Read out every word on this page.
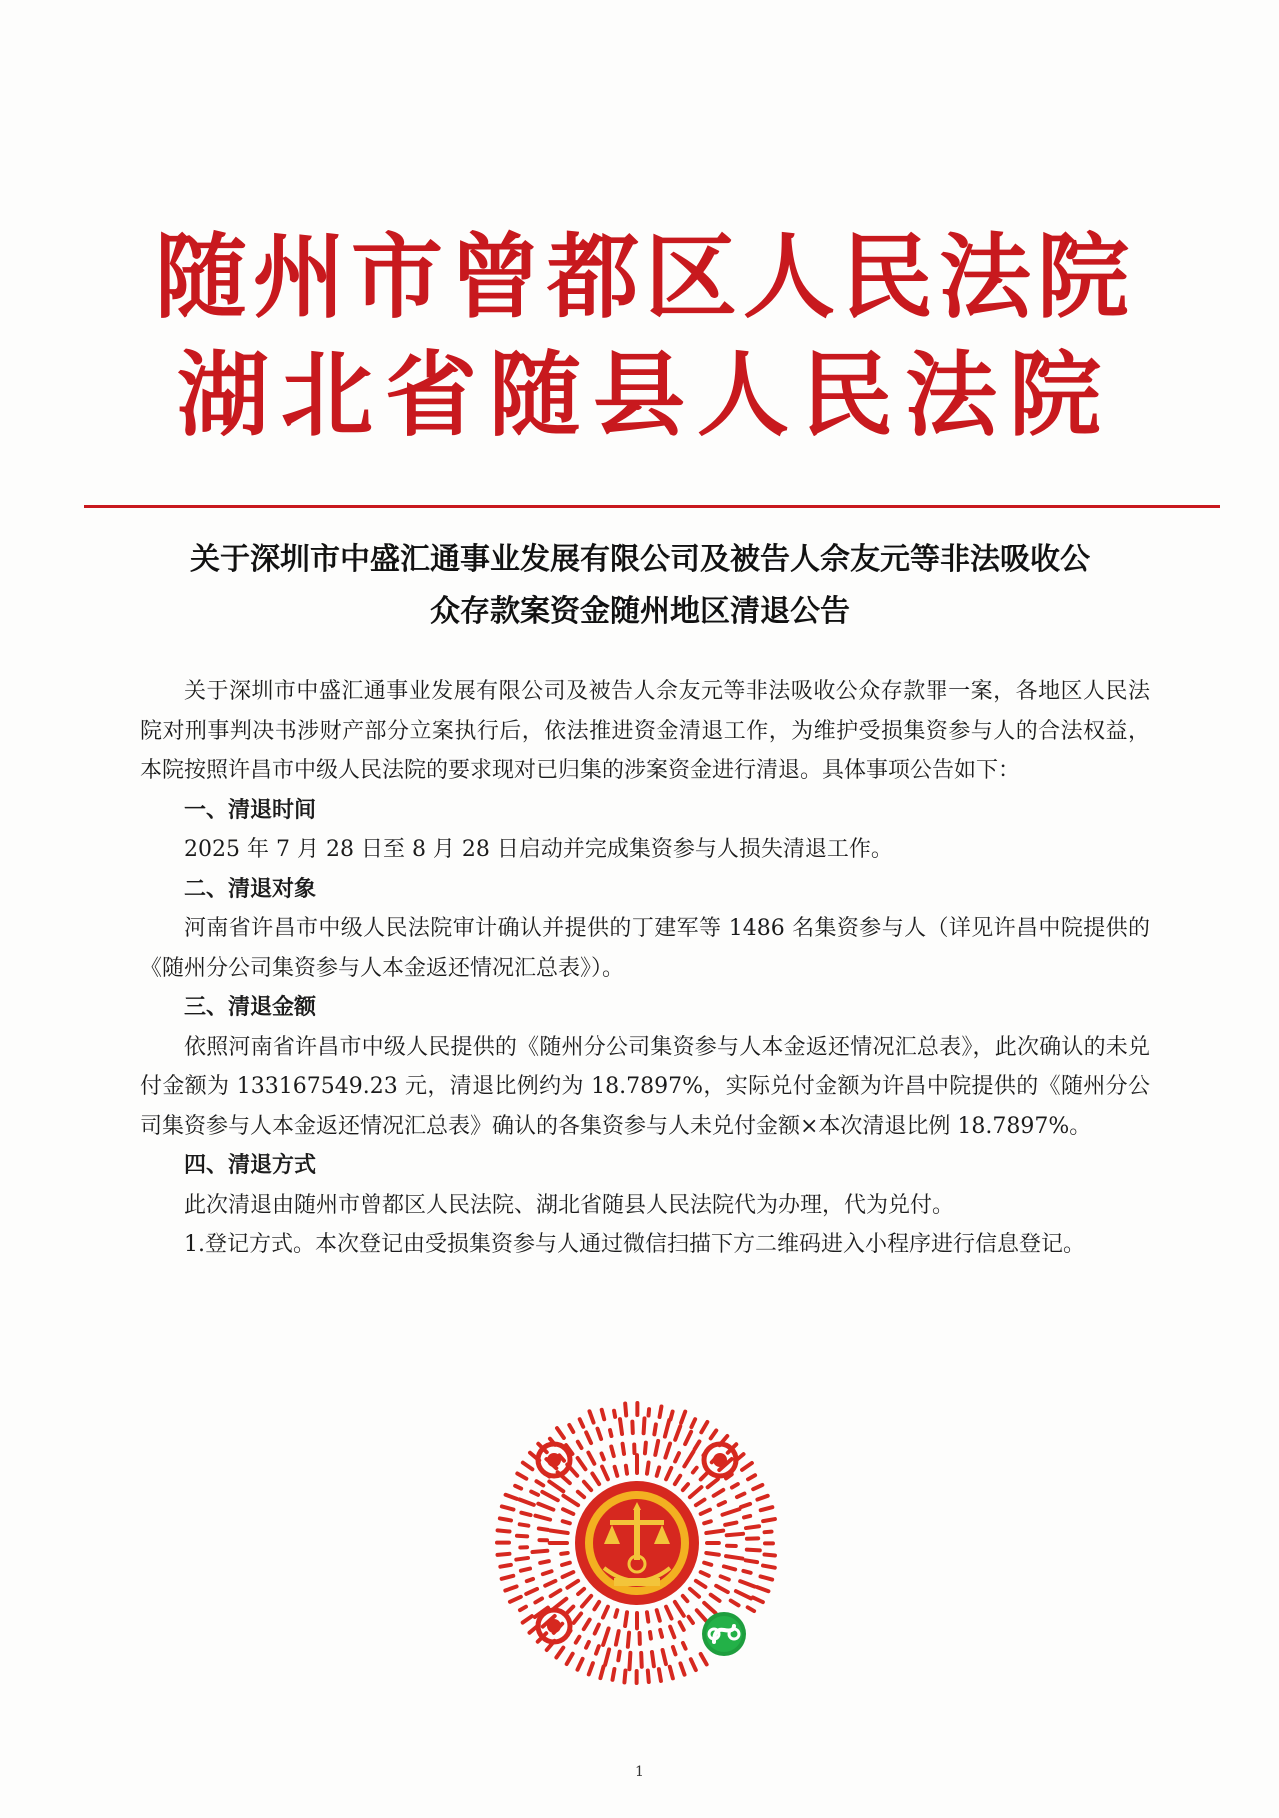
随州市曾都区人民法院
湖北省随县人民法院
关于深圳市中盛汇通事业发展有限公司及被告人佘友元等非法吸收公
众存款案资金随州地区清退公告

关于深圳市中盛汇通事业发展有限公司及被告人佘友元等非法吸收公众存款罪一案，各地区人民法院对刑事判决书涉财产部分立案执行后，依法推进资金清退工作，为维护受损集资参与人的合法权益，本院按照许昌市中级人民法院的要求现对已归集的涉案资金进行清退。具体事项公告如下：

一、清退时间

2025 年 7 月 28 日至 8 月 28 日启动并完成集资参与人损失清退工作。

二、清退对象

河南省许昌市中级人民法院审计确认并提供的丁建军等 1486 名集资参与人（详见许昌中院提供的《随州分公司集资参与人本金返还情况汇总表》）。

三、清退金额

依照河南省许昌市中级人民提供的《随州分公司集资参与人本金返还情况汇总表》，此次确认的未兑付金额为 133167549.23 元，清退比例约为 18.7897%，实际兑付金额为许昌中院提供的《随州分公司集资参与人本金返还情况汇总表》确认的各集资参与人未兑付金额×本次清退比例 18.7897%。

四、清退方式

此次清退由随州市曾都区人民法院、湖北省随县人民法院代为办理，代为兑付。

1.登记方式。本次登记由受损集资参与人通过微信扫描下方二维码进入小程序进行信息登记。

1
